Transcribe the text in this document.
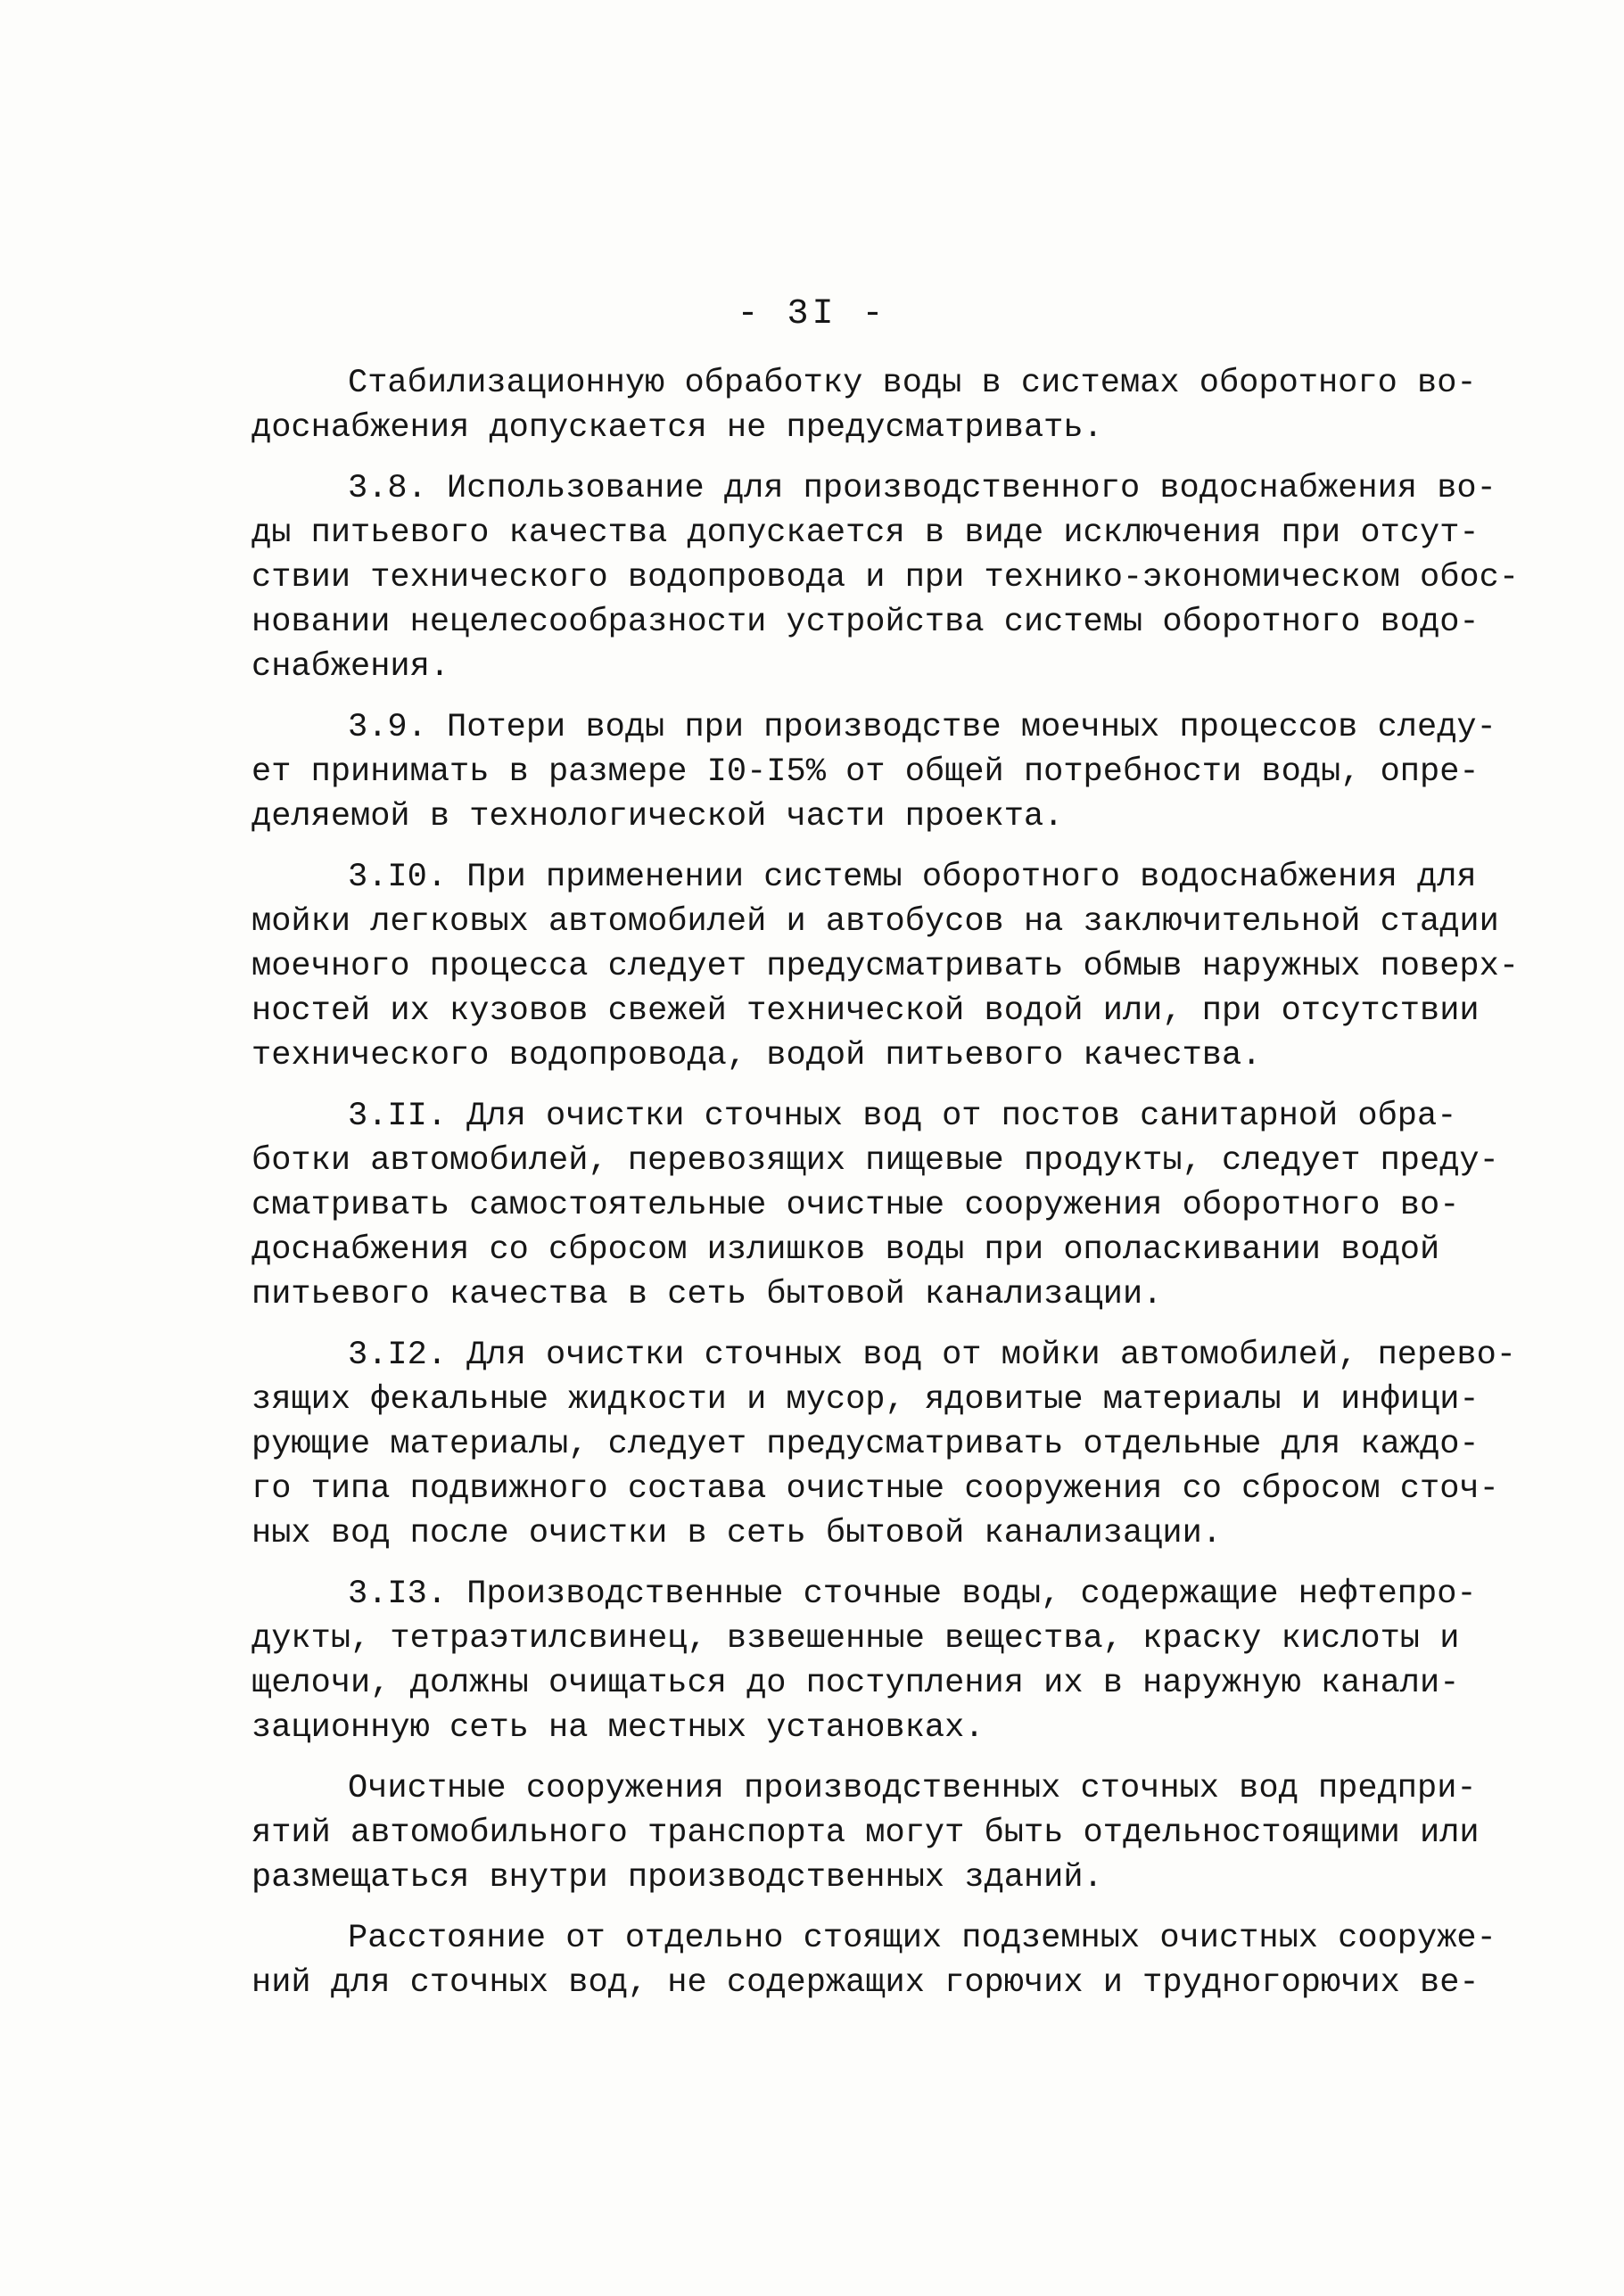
- 3I -
Стабилизационную обработку воды в системах оборотного во-
доснабжения допускается не предусматривать.
3.8. Использование для производственного водоснабжения во-
ды питьевого качества допускается в виде исключения при отсут-
ствии технического водопровода и при технико-экономическом обос-
новании нецелесообразности устройства системы оборотного водо-
снабжения.
3.9. Потери воды при производстве моечных процессов следу-
ет принимать в размере I0-I5% от общей потребности воды, опре-
деляемой в технологической части проекта.
3.I0. При применении системы оборотного водоснабжения для
мойки легковых автомобилей и автобусов на заключительной стадии
моечного процесса следует предусматривать обмыв наружных поверх-
ностей их кузовов свежей технической водой или, при отсутствии
технического водопровода, водой питьевого качества.
3.II. Для очистки сточных вод от постов санитарной обра-
ботки автомобилей, перевозящих пищевые продукты, следует преду-
сматривать самостоятельные очистные сооружения оборотного во-
доснабжения со сбросом излишков воды при ополаскивании водой
питьевого качества в сеть бытовой канализации.
3.I2. Для очистки сточных вод от мойки автомобилей, перево-
зящих фекальные жидкости и мусор, ядовитые материалы и инфици-
рующие материалы, следует предусматривать отдельные для каждо-
го типа подвижного состава очистные сооружения со сбросом сточ-
ных вод после очистки в сеть бытовой канализации.
3.I3. Производственные сточные воды, содержащие нефтепро-
дукты, тетраэтилсвинец, взвешенные вещества, краску кислоты и
щелочи, должны очищаться до поступления их в наружную канали-
зационную сеть на местных установках.
Очистные сооружения производственных сточных вод предпри-
ятий автомобильного транспорта могут быть отдельностоящими или
размещаться внутри производственных зданий.
Расстояние от отдельно стоящих подземных очистных сооруже-
ний для сточных вод, не содержащих горючих и трудногорючих ве-
